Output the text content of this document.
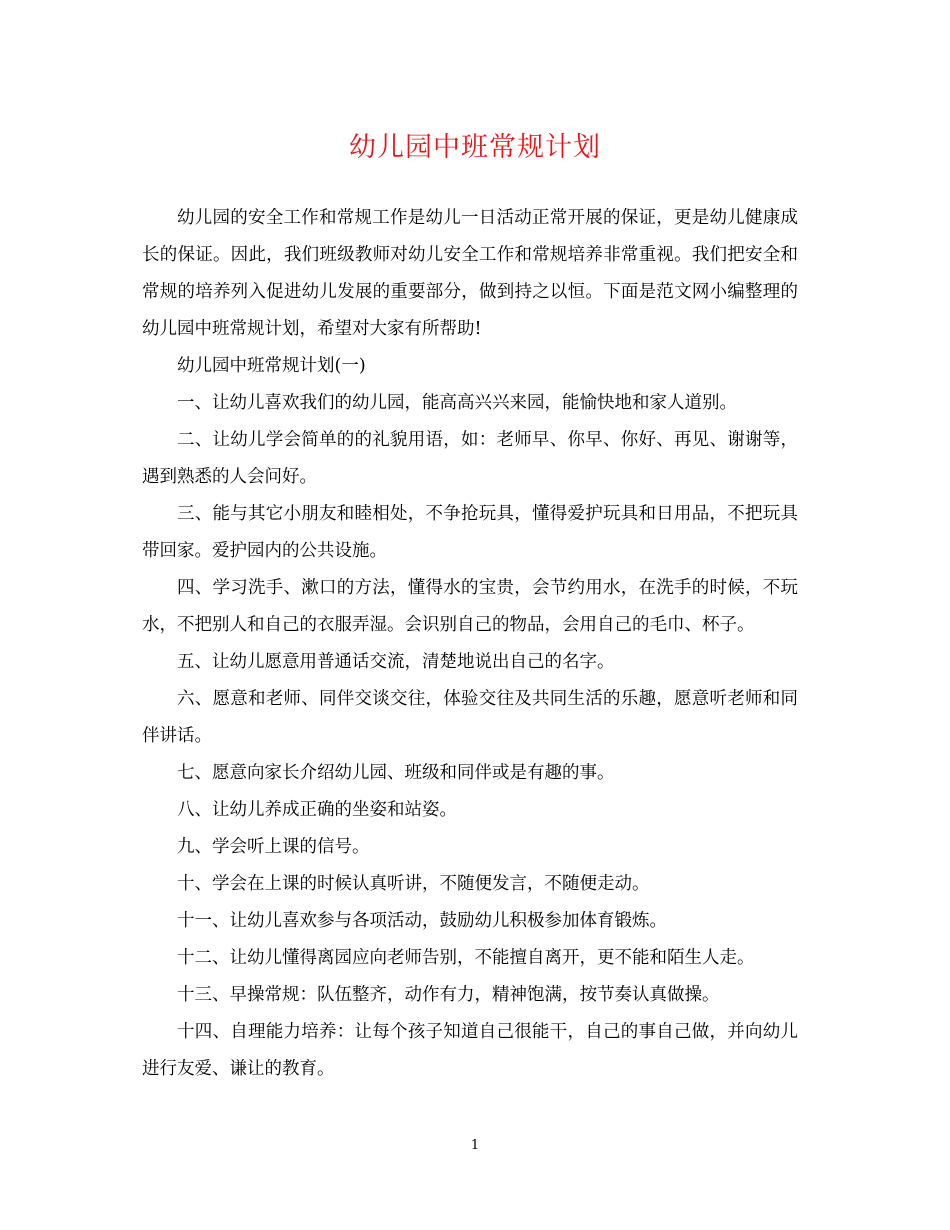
幼儿园中班常规计划

幼儿园的安全工作和常规工作是幼儿一日活动正常开展的保证，更是幼儿健康成长的保证。因此，我们班级教师对幼儿安全工作和常规培养非常重视。我们把安全和常规的培养列入促进幼儿发展的重要部分，做到持之以恒。下面是范文网小编整理的幼儿园中班常规计划，希望对大家有所帮助!

幼儿园中班常规计划(一)

一、让幼儿喜欢我们的幼儿园，能高高兴兴来园，能愉快地和家人道别。

二、让幼儿学会简单的的礼貌用语，如：老师早、你早、你好、再见、谢谢等，遇到熟悉的人会问好。

三、能与其它小朋友和睦相处，不争抢玩具，懂得爱护玩具和日用品，不把玩具带回家。爱护园内的公共设施。

四、学习洗手、漱口的方法，懂得水的宝贵，会节约用水，在洗手的时候，不玩水，不把别人和自己的衣服弄湿。会识别自己的物品，会用自己的毛巾、杯子。

五、让幼儿愿意用普通话交流，清楚地说出自己的名字。

六、愿意和老师、同伴交谈交往，体验交往及共同生活的乐趣，愿意听老师和同伴讲话。

七、愿意向家长介绍幼儿园、班级和同伴或是有趣的事。

八、让幼儿养成正确的坐姿和站姿。

九、学会听上课的信号。

十、学会在上课的时候认真听讲，不随便发言，不随便走动。

十一、让幼儿喜欢参与各项活动，鼓励幼儿积极参加体育锻炼。

十二、让幼儿懂得离园应向老师告别，不能擅自离开，更不能和陌生人走。

十三、早操常规：队伍整齐，动作有力，精神饱满，按节奏认真做操。

十四、自理能力培养：让每个孩子知道自己很能干，自己的事自己做，并向幼儿进行友爱、谦让的教育。

1
